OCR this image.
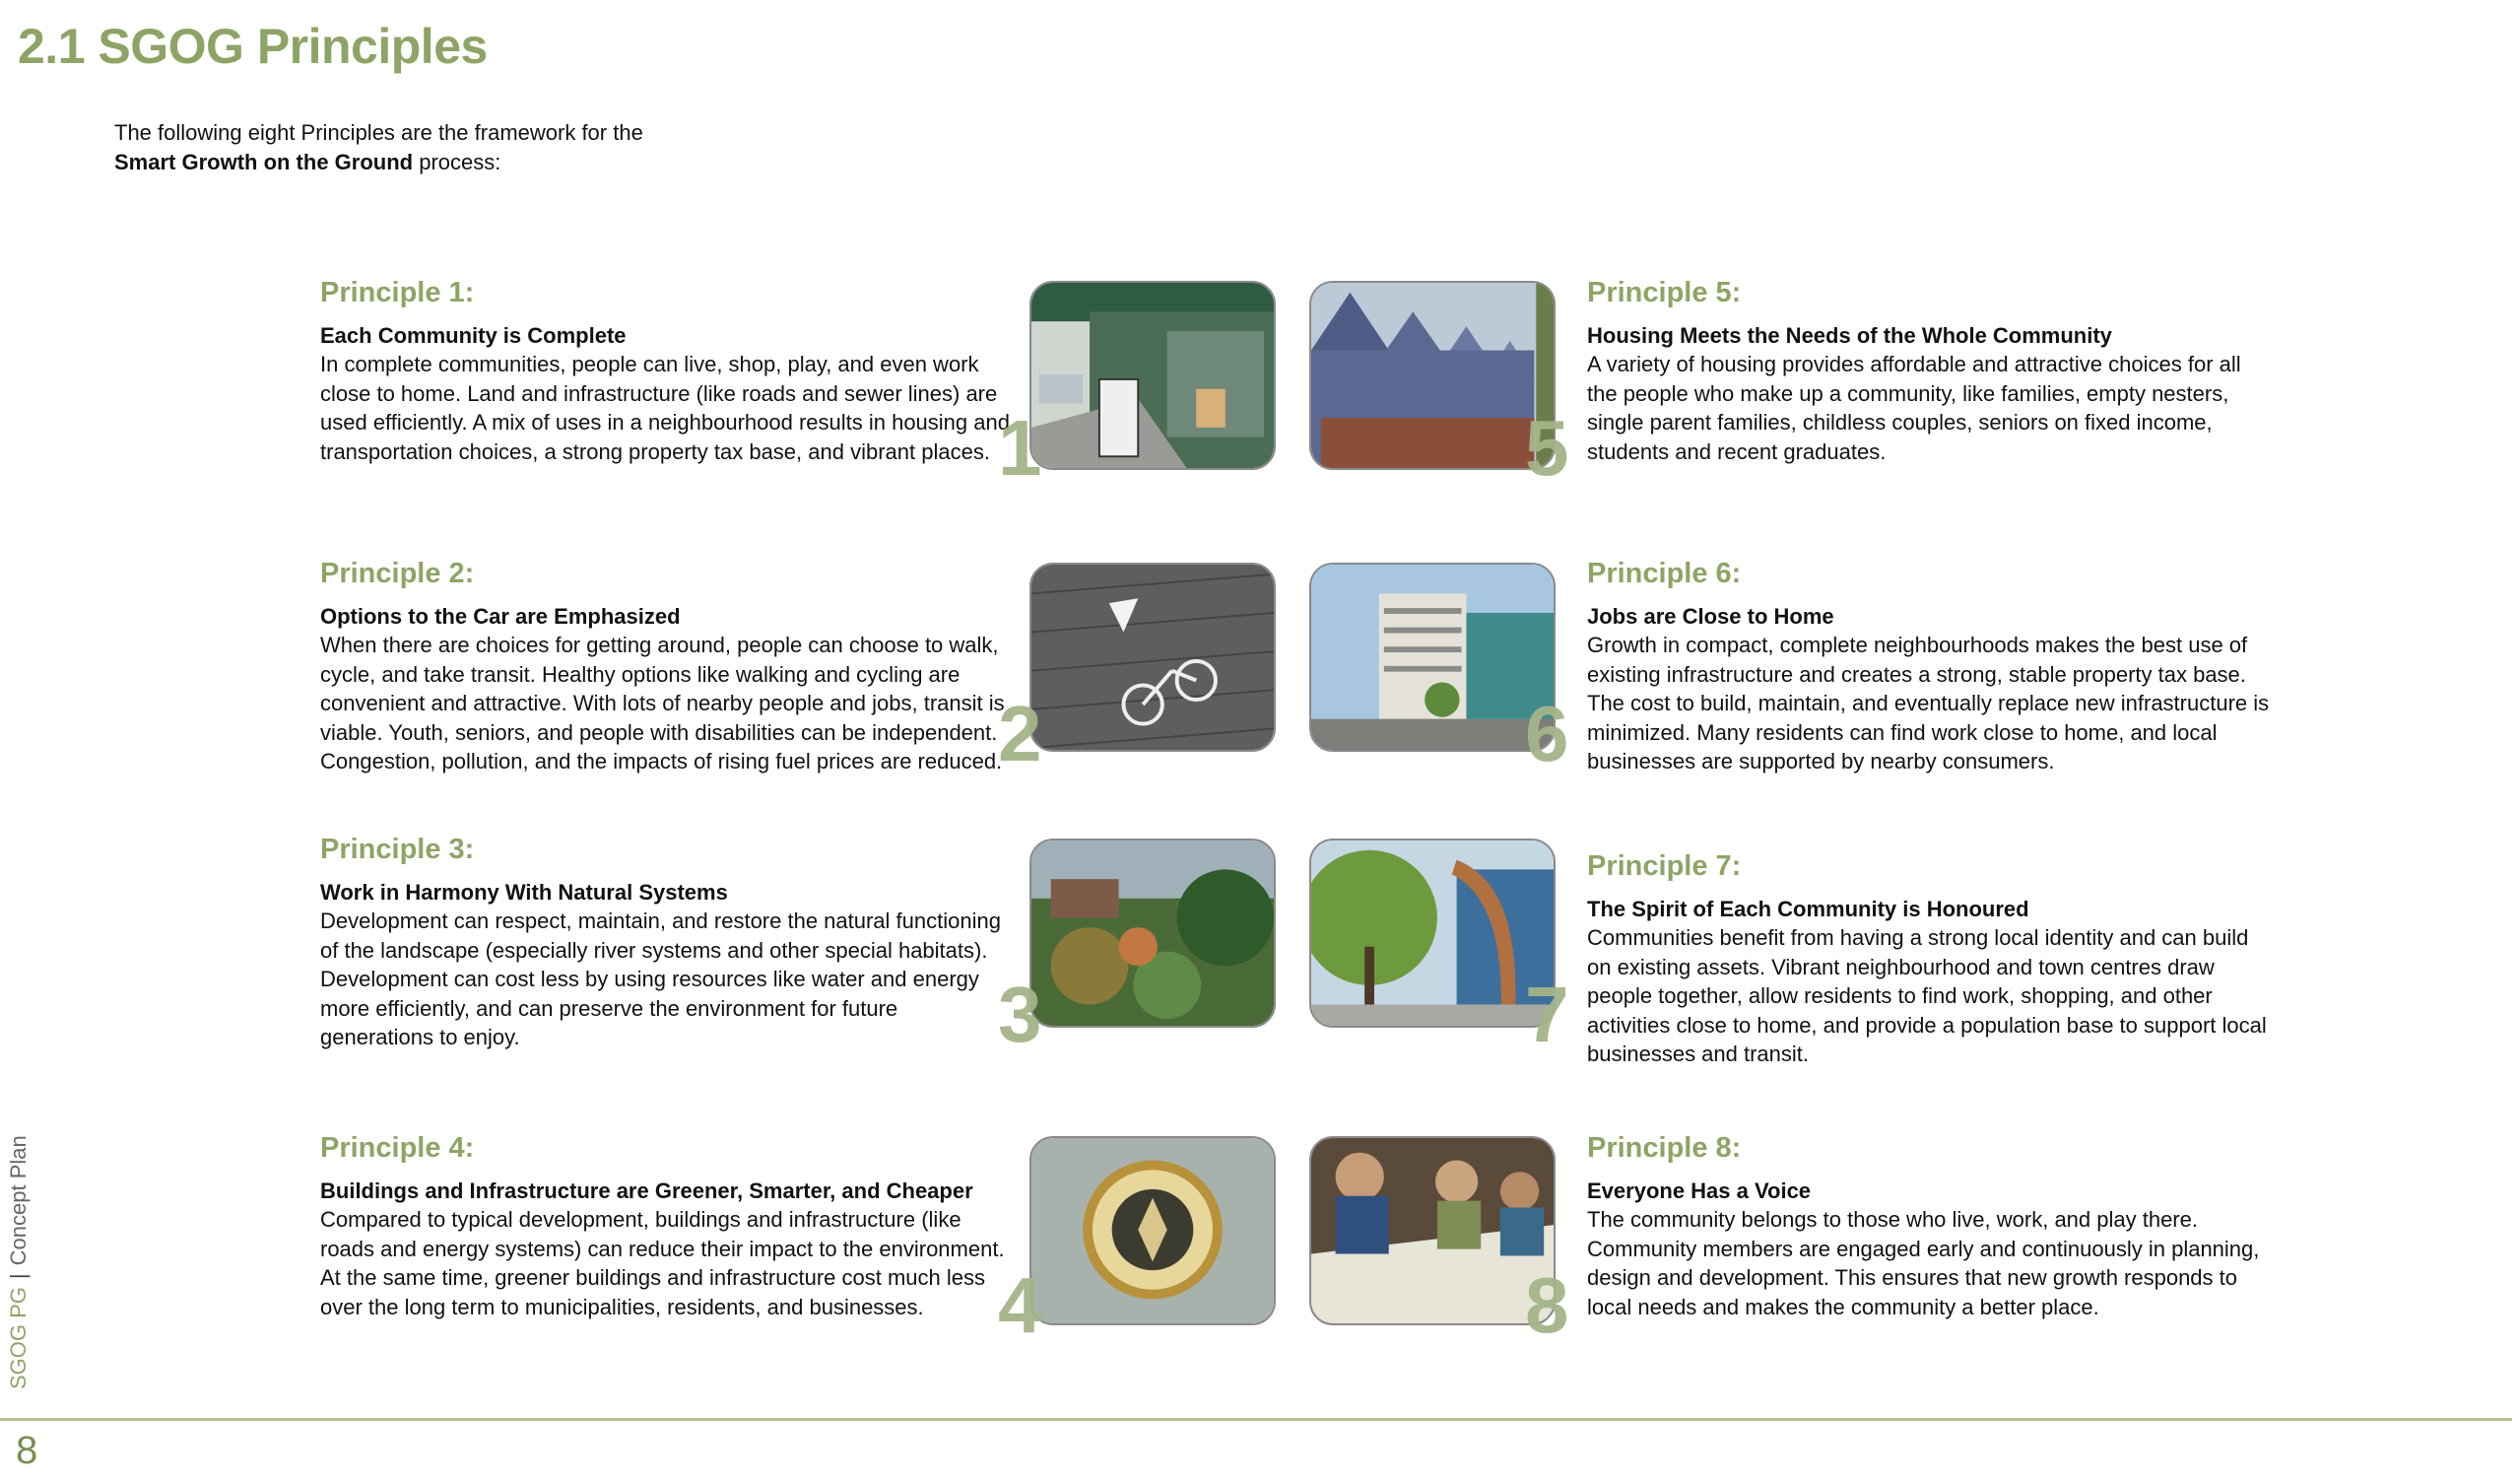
2.1 SGOG Principles
The following eight Principles are the framework for the
Smart Growth on the Ground process:
Principle 1:
Each Community is Complete
In complete communities, people can live, shop, play, and even work close to home. Land and infrastructure (like roads and sewer lines) are used efficiently. A mix of uses in a neighbourhood results in housing and transportation choices, a strong property tax base, and vibrant places.
Principle 2:
Options to the Car are Emphasized
When there are choices for getting around, people can choose to walk, cycle, and take transit. Healthy options like walking and cycling are convenient and attractive. With lots of nearby people and jobs, transit is viable. Youth, seniors, and people with disabilities can be independent. Congestion, pollution, and the impacts of rising fuel prices are reduced.
Principle 3:
Work in Harmony With Natural Systems
Development can respect, maintain, and restore the natural functioning of the landscape (especially river systems and other special habitats). Development can cost less by using resources like water and energy more efficiently, and can preserve the environment for future generations to enjoy.
Principle 4:
Buildings and Infrastructure are Greener, Smarter, and Cheaper
Compared to typical development, buildings and infrastructure (like roads and energy systems) can reduce their impact to the environment. At the same time, greener buildings and infrastructure cost much less over the long term to municipalities, residents, and businesses.
Principle 5:
Housing Meets the Needs of the Whole Community
A variety of housing provides affordable and attractive choices for all the people who make up a community, like families, empty nesters, single parent families, childless couples, seniors on fixed income, students and recent graduates.
Principle 6:
Jobs are Close to Home
Growth in compact, complete neighbourhoods makes the best use of existing infrastructure and creates a strong, stable property tax base. The cost to build, maintain, and eventually replace new infrastructure is minimized. Many residents can find work close to home, and local businesses are supported by nearby consumers.
Principle 7:
The Spirit of Each Community is Honoured
Communities benefit from having a strong local identity and can build on existing assets. Vibrant neighbourhood and town centres draw people together, allow residents to find work, shopping, and other activities close to home, and provide a population base to support local businesses and transit.
Principle 8:
Everyone Has a Voice
The community belongs to those who live, work, and play there. Community members are engaged early and continuously in planning, design and development. This ensures that new growth responds to local needs and makes the community a better place.
1
2
3
4
5
6
7
8
SGOG PG|Concept Plan
8
